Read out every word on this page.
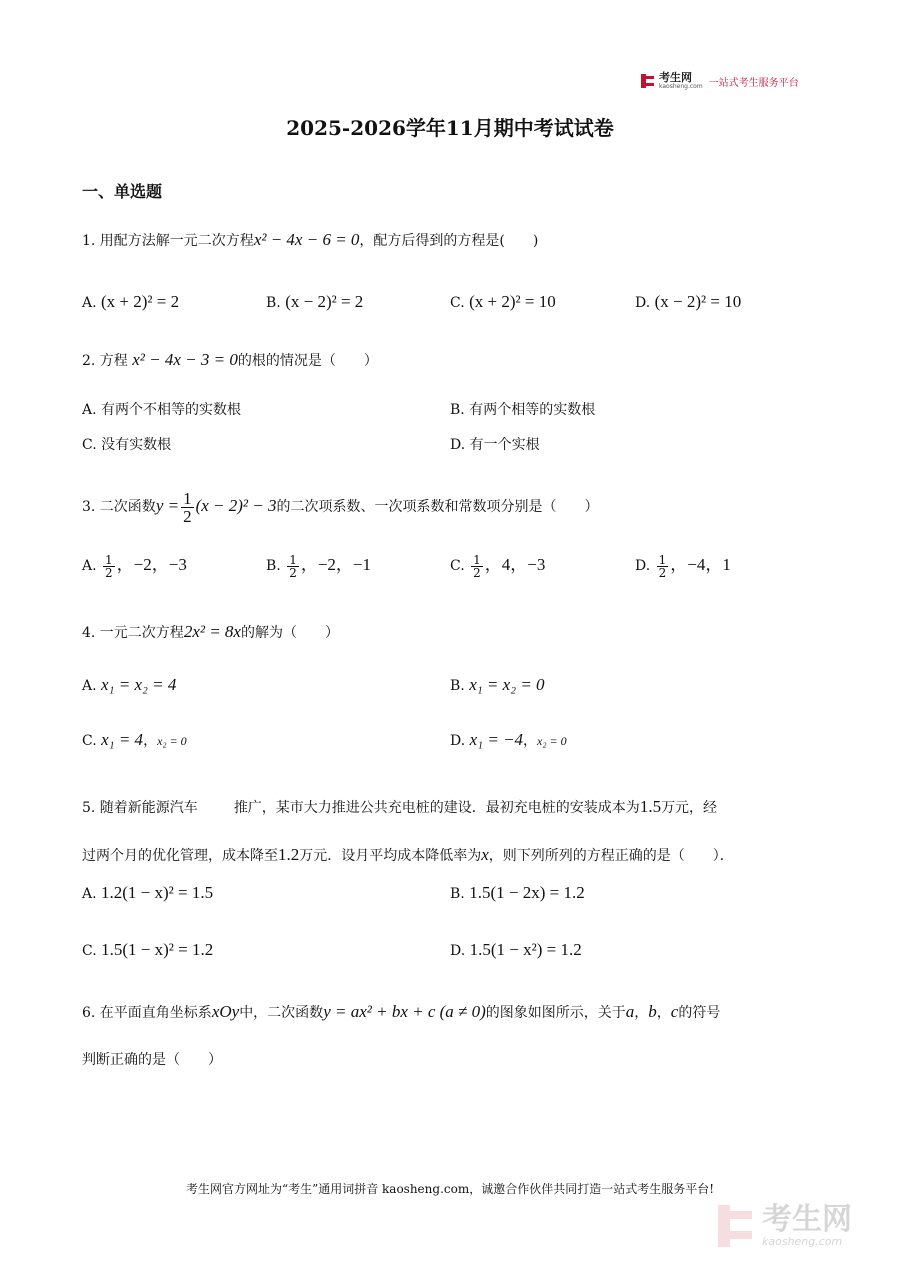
考生网
kaosheng.com 一站式考生服务平台
2025-2026学年11月期中考试试卷
一、单选题
1. 用配方法解一元二次方程x² − 4x − 6 = 0，配方后得到的方程是(　　)
A. (x + 2)² = 2	B. (x − 2)² = 2	C. (x + 2)² = 10	D. (x − 2)² = 10
2. 方程 x² − 4x − 3 = 0的根的情况是（　　）
A. 有两个不相等的实数根	B. 有两个相等的实数根
C. 没有实数根	D. 有一个实根
3. 二次函数$y = \frac{1}{2} (x - 2)^2 - 3$的二次项系数、一次项系数和常数项分别是（　　）
A. $\frac{1}{2}$ ，−2，−3	B. $\frac{1}{2}$ ，−2，−1	C. $\frac{1}{2}$ ，4，−3	D. $\frac{1}{2}$ ，−4，1
4. 一元二次方程2x² = 8x的解为（　　）
A. x₁ = x₂ = 4	B. x₁ = x₂ = 0
C. x₁ = 4，x₂ = 0	D. x₁ = −4，x₂ = 0
5. 随着新能源汽车	推广，某市大力推进公共充电桩的建设．最初充电桩的安装成本为1.5万元，经
过两个月的优化管理，成本降至1.2万元．设月平均成本降低率为x，则下列所列的方程正确的是（　　）．
A. 1.2(1 − x)² = 1.5	B. 1.5(1 − 2x) = 1.2
C. 1.5(1 − x)² = 1.2	D. 1.5(1 − x²) = 1.2
6. 在平面直角坐标系xOy中，二次函数y = ax² + bx + c (a ≠ 0)的图象如图所示，关于a，b，c的符号
判断正确的是（　　）
考生网官方网址为“考生”通用词拼音 kaosheng.com，诚邀合作伙伴共同打造一站式考生服务平台!
考生网
kaosheng.com
